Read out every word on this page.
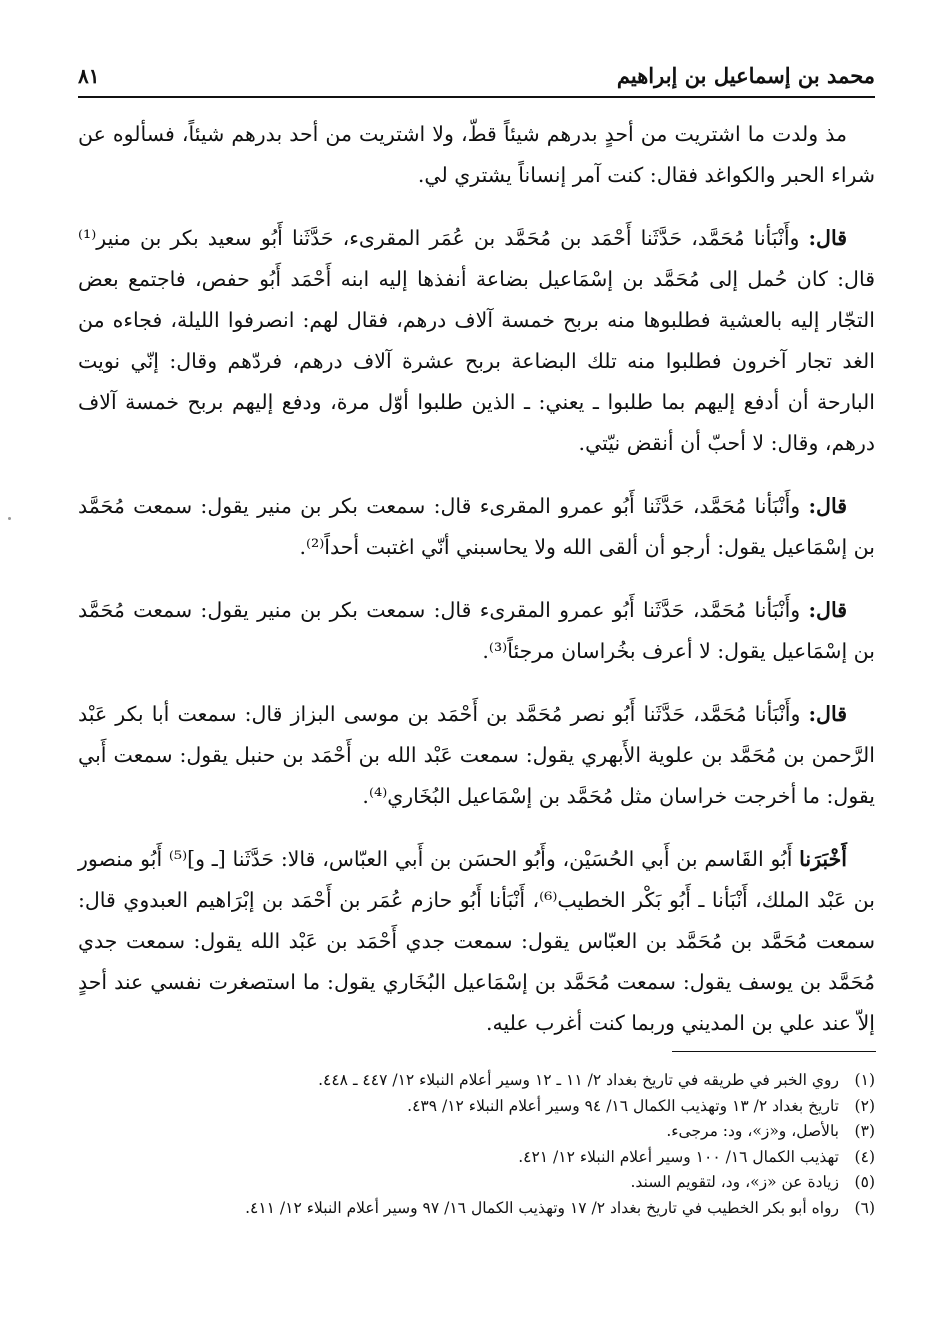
محمد بن إسماعيل بن إبراهيم
٨١

مذ ولدت ما اشتريت من أحدٍ بدرهم شيئاً قطّ، ولا اشتريت من أحد بدرهم شيئاً، فسألوه عن شراء الحبر والكواغد فقال: كنت آمر إنساناً يشتري لي.

قال: وأَنْبَأنا مُحَمَّد، حَدَّثَنا أَحْمَد بن مُحَمَّد بن عُمَر المقرىء، حَدَّثَنا أَبُو سعيد بكر بن منير⁽¹⁾ قال: كان حُمل إلى مُحَمَّد بن إسْمَاعيل بضاعة أنفذها إليه ابنه أَحْمَد أَبُو حفص، فاجتمع بعض التجّار إليه بالعشية فطلبوها منه بربح خمسة آلاف درهم، فقال لهم: انصرفوا الليلة، فجاءه من الغد تجار آخرون فطلبوا منه تلك البضاعة بربح عشرة آلاف درهم، فردّهم وقال: إنّي نويت البارحة أن أدفع إليهم بما طلبوا ـ يعني: ـ الذين طلبوا أوّل مرة، ودفع إليهم بربح خمسة آلاف درهم، وقال: لا أحبّ أن أنقض نيّتي.

قال: وأَنْبَأنا مُحَمَّد، حَدَّثَنا أَبُو عمرو المقرىء قال: سمعت بكر بن منير يقول: سمعت مُحَمَّد بن إسْمَاعيل يقول: أرجو أن ألقى الله ولا يحاسبني أنّي اغتبت أحداً⁽²⁾.

قال: وأَنْبَأنا مُحَمَّد، حَدَّثَنا أَبُو عمرو المقرىء قال: سمعت بكر بن منير يقول: سمعت مُحَمَّد بن إسْمَاعيل يقول: لا أعرف بخُراسان مرجئاً⁽³⁾.

قال: وأَنْبَأنا مُحَمَّد، حَدَّثَنا أَبُو نصر مُحَمَّد بن أَحْمَد بن موسى البزاز قال: سمعت أبا بكر عَبْد الرَّحمن بن مُحَمَّد بن علوية الأَبهري يقول: سمعت عَبْد الله بن أَحْمَد بن حنبل يقول: سمعت أَبي يقول: ما أخرجت خراسان مثل مُحَمَّد بن إسْمَاعيل البُخَاري⁽⁴⁾.

أَخْبَرَنا أَبُو القَاسم بن أَبي الحُسَيْن، وأَبُو الحسَن بن أَبي العبّاس، قالا: حَدَّثَنا [ـ و]⁽⁵⁾ أَبُو منصور بن عَبْد الملك، أَنْبَأنا ـ أَبُو بَكْر الخطيب⁽⁶⁾، أَنْبَأنا أَبُو حازم عُمَر بن أَحْمَد بن إبْرَاهيم العبدوي قال: سمعت مُحَمَّد بن مُحَمَّد بن العبّاس يقول: سمعت جدي أَحْمَد بن عَبْد الله يقول: سمعت جدي مُحَمَّد بن يوسف يقول: سمعت مُحَمَّد بن إسْمَاعيل البُخَاري يقول: ما استصغرت نفسي عند أحدٍ إلاّ عند علي بن المديني وربما كنت أغرب عليه.

(١)
روي الخبر في طريقه في تاريخ بغداد ٢/ ١١ ـ ١٢ وسير أعلام النبلاء ١٢/ ٤٤٧ ـ ٤٤٨.
(٢)
تاريخ بغداد ٢/ ١٣ وتهذيب الكمال ١٦/ ٩٤ وسير أعلام النبلاء ١٢/ ٤٣٩.
(٣)
بالأصل، و«ز»، ود: مرجىء.
(٤)
تهذيب الكمال ١٦/ ١٠٠ وسير أعلام النبلاء ١٢/ ٤٢١.
(٥)
زيادة عن «ز»، ود، لتقويم السند.
(٦)
رواه أبو بكر الخطيب في تاريخ بغداد ٢/ ١٧ وتهذيب الكمال ١٦/ ٩٧ وسير أعلام النبلاء ١٢/ ٤١١.
